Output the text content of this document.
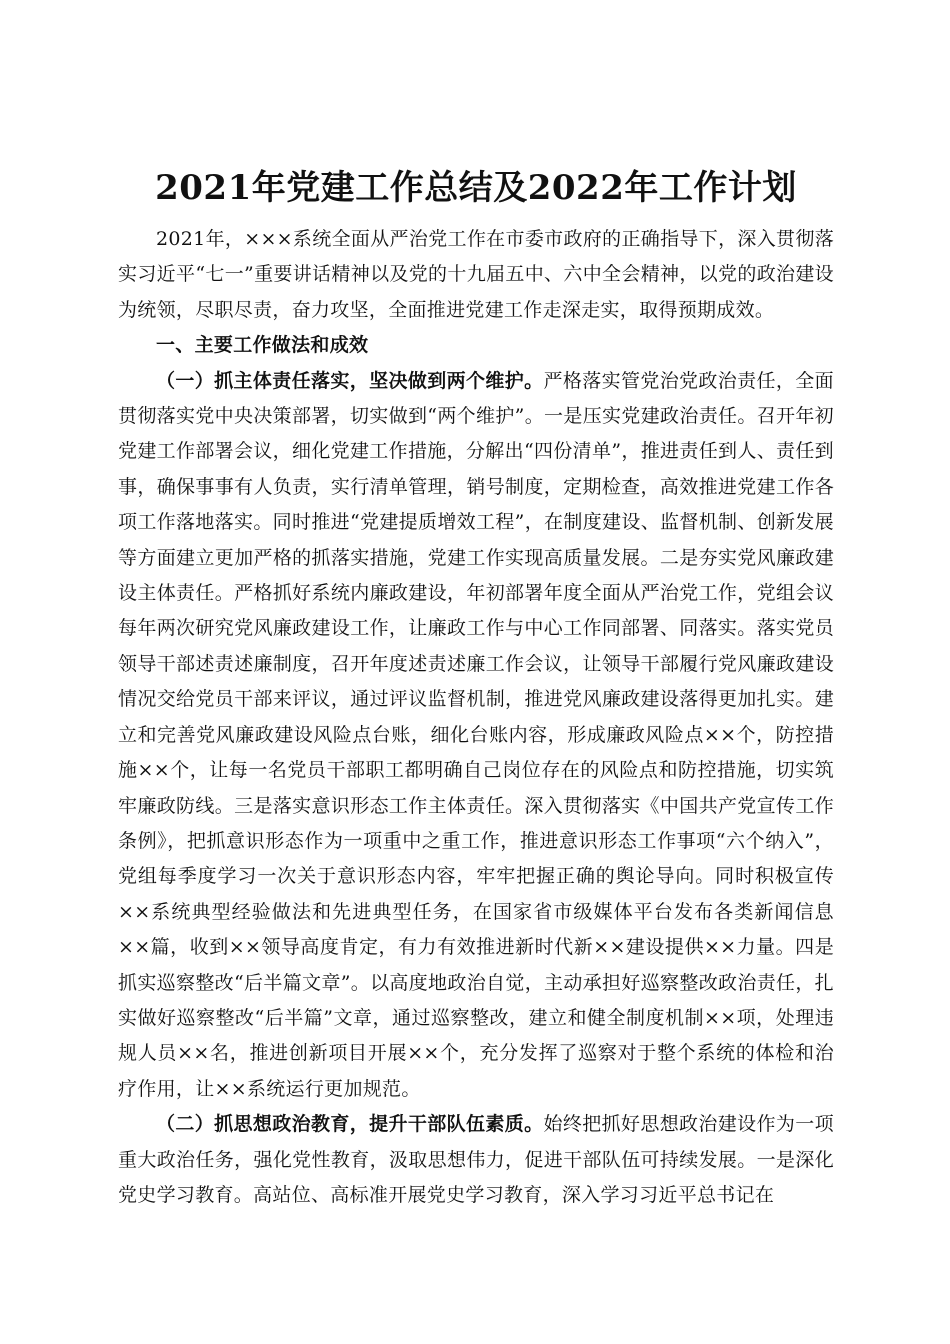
2021年党建工作总结及2022年工作计划

2021年，×××系统全面从严治党工作在市委市政府的正确指导下，深入贯彻落实习近平“七一”重要讲话精神以及党的十九届五中、六中全会精神，以党的政治建设为统领，尽职尽责，奋力攻坚，全面推进党建工作走深走实，取得预期成效。

一、主要工作做法和成效

（一）抓主体责任落实，坚决做到两个维护。严格落实管党治党政治责任，全面贯彻落实党中央决策部署，切实做到“两个维护”。一是压实党建政治责任。召开年初党建工作部署会议，细化党建工作措施，分解出“四份清单”，推进责任到人、责任到事，确保事事有人负责，实行清单管理，销号制度，定期检查，高效推进党建工作各项工作落地落实。同时推进“党建提质增效工程”，在制度建设、监督机制、创新发展等方面建立更加严格的抓落实措施，党建工作实现高质量发展。二是夯实党风廉政建设主体责任。严格抓好系统内廉政建设，年初部署年度全面从严治党工作，党组会议每年两次研究党风廉政建设工作，让廉政工作与中心工作同部署、同落实。落实党员领导干部述责述廉制度，召开年度述责述廉工作会议，让领导干部履行党风廉政建设情况交给党员干部来评议，通过评议监督机制，推进党风廉政建设落得更加扎实。建立和完善党风廉政建设风险点台账，细化台账内容，形成廉政风险点××个，防控措施××个，让每一名党员干部职工都明确自己岗位存在的风险点和防控措施，切实筑牢廉政防线。三是落实意识形态工作主体责任。深入贯彻落实《中国共产党宣传工作条例》，把抓意识形态作为一项重中之重工作，推进意识形态工作事项“六个纳入”，党组每季度学习一次关于意识形态内容，牢牢把握正确的舆论导向。同时积极宣传××系统典型经验做法和先进典型任务，在国家省市级媒体平台发布各类新闻信息××篇，收到××领导高度肯定，有力有效推进新时代新××建设提供××力量。四是抓实巡察整改“后半篇文章”。以高度地政治自觉，主动承担好巡察整改政治责任，扎实做好巡察整改“后半篇”文章，通过巡察整改，建立和健全制度机制××项，处理违规人员××名，推进创新项目开展××个，充分发挥了巡察对于整个系统的体检和治疗作用，让××系统运行更加规范。

（二）抓思想政治教育，提升干部队伍素质。始终把抓好思想政治建设作为一项重大政治任务，强化党性教育，汲取思想伟力，促进干部队伍可持续发展。一是深化党史学习教育。高站位、高标准开展党史学习教育，深入学习习近平总书记在
